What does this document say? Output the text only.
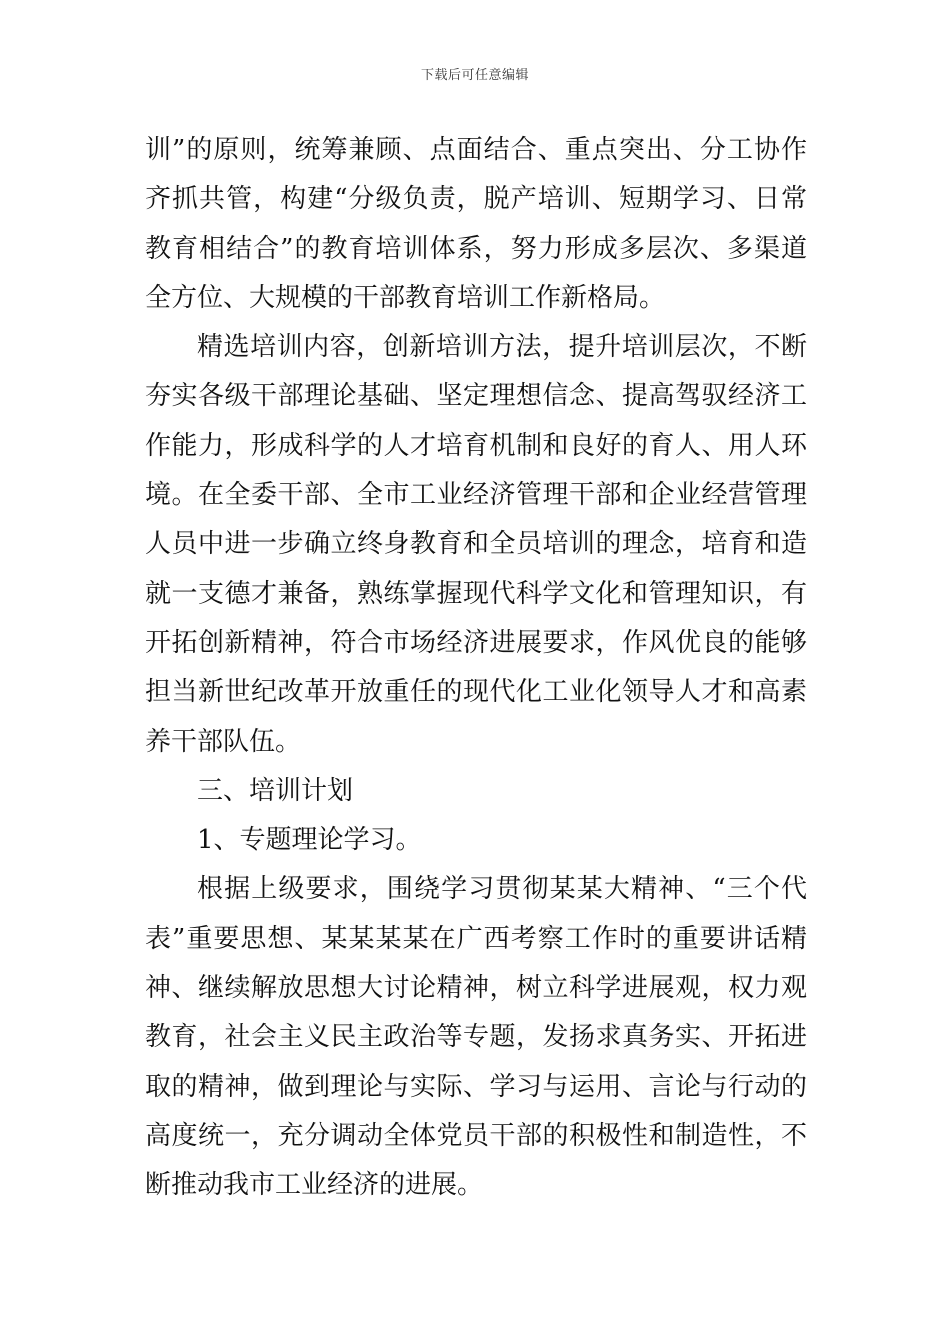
下载后可任意编辑
训”的原则，统筹兼顾、点面结合、重点突出、分工协作
齐抓共管，构建“分级负责，脱产培训、短期学习、日常
教育相结合”的教育培训体系，努力形成多层次、多渠道
全方位、大规模的干部教育培训工作新格局。
精选培训内容，创新培训方法，提升培训层次，不断
夯实各级干部理论基础、坚定理想信念、提高驾驭经济工
作能力，形成科学的人才培育机制和良好的育人、用人环
境。在全委干部、全市工业经济管理干部和企业经营管理
人员中进一步确立终身教育和全员培训的理念，培育和造
就一支德才兼备，熟练掌握现代科学文化和管理知识，有
开拓创新精神，符合市场经济进展要求，作风优良的能够
担当新世纪改革开放重任的现代化工业化领导人才和高素
养干部队伍。
三、培训计划
1、专题理论学习。
根据上级要求，围绕学习贯彻某某大精神、“三个代
表”重要思想、某某某某在广西考察工作时的重要讲话精
神、继续解放思想大讨论精神，树立科学进展观，权力观
教育，社会主义民主政治等专题，发扬求真务实、开拓进
取的精神，做到理论与实际、学习与运用、言论与行动的
高度统一，充分调动全体党员干部的积极性和制造性，不
断推动我市工业经济的进展。
